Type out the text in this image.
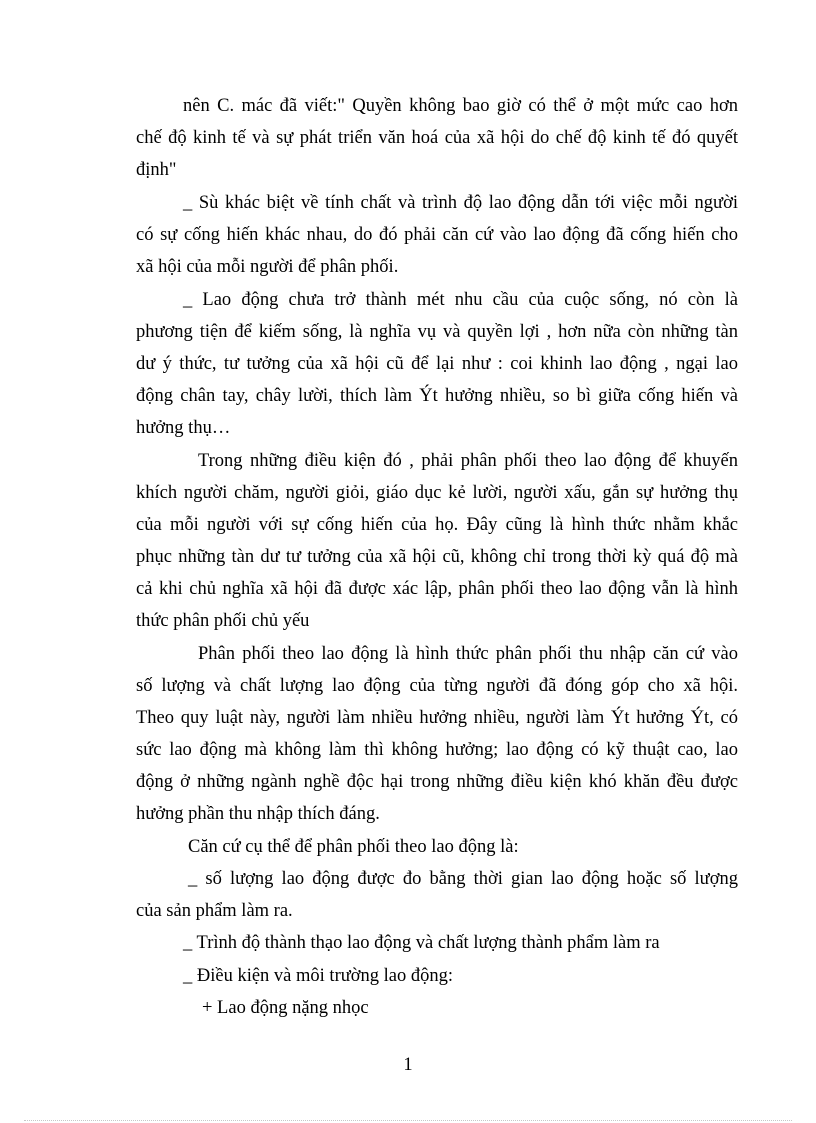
nên C. mác đã viết:" Quyền không bao giờ có thể ở một mức cao hơn
chế độ kinh tế và sự phát triển văn hoá của xã hội do chế độ kinh tế đó quyết
định"
_ Sù khác biệt về tính chất và trình độ lao động dẫn tới việc mỗi người
có sự cống hiến khác nhau, do đó phải căn cứ vào lao động đã cống hiến cho
xã hội của mỗi người để phân phối.
_ Lao động chưa trở thành mét nhu cầu của cuộc sống, nó còn là
phương tiện để kiếm sống, là nghĩa vụ và quyền lợi , hơn nữa còn những tàn
dư ý thức, tư tưởng của xã hội cũ để lại như : coi khinh lao động , ngại lao
động chân tay, chây lười, thích làm Ýt hưởng nhiều, so bì giữa cống hiến và
hưởng thụ…
Trong những điều kiện đó , phải phân phối theo lao động để khuyến
khích người chăm, người giỏi, giáo dục kẻ lười, người xấu, gắn sự hưởng thụ
của mỗi người với sự cống hiến của họ. Đây cũng là hình thức nhằm khắc
phục những tàn dư tư tưởng của xã hội cũ, không chỉ trong thời kỳ quá độ mà
cả khi chủ nghĩa xã hội đã được xác lập, phân phối theo lao động vẫn là hình
thức phân phối chủ yếu
Phân phối theo lao động là hình thức phân phối thu nhập căn cứ vào
số lượng và chất lượng lao động của từng người đã đóng góp cho xã hội.
Theo quy luật này, người làm nhiều hưởng nhiều, người làm Ýt hưởng Ýt, có
sức lao động mà không làm thì không hưởng; lao động có kỹ thuật cao, lao
động ở những ngành nghề độc hại trong những điều kiện khó khăn đều được
hưởng phần thu nhập thích đáng.
Căn cứ cụ thể để phân phối theo lao động là:
_ số lượng lao động được đo bằng thời gian lao động hoặc số lượng
của sản phẩm làm ra.
_ Trình độ thành thạo lao động và chất lượng thành phẩm làm ra
_ Điều kiện và môi trường lao động:
+ Lao động nặng nhọc
1
